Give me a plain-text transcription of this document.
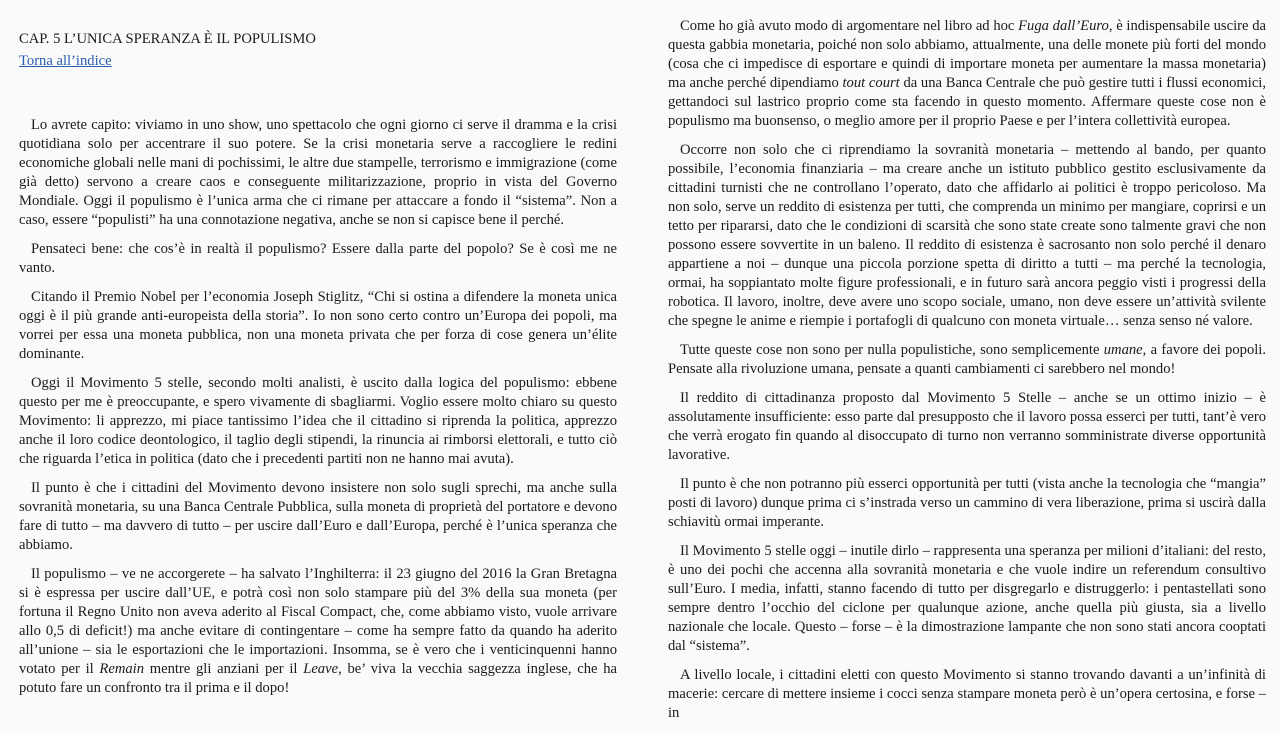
CAP. 5 L’UNICA SPERANZA È IL POPULISMO
Torna all’indice

Lo avrete capito: viviamo in uno show, uno spettacolo che ogni giorno ci serve il dramma e la crisi quotidiana solo per accentrare il suo potere. Se la crisi monetaria serve a raccogliere le redini economiche globali nelle mani di pochissimi, le altre due stampelle, terrorismo e immigrazione (come già detto) servono a creare caos e conseguente militarizzazione, proprio in vista del Governo Mondiale. Oggi il populismo è l’unica arma che ci rimane per attaccare a fondo il “sistema”. Non a caso, essere “populisti” ha una connotazione negativa, anche se non si capisce bene il perché.

Pensateci bene: che cos’è in realtà il populismo? Essere dalla parte del popolo? Se è così me ne vanto.

Citando il Premio Nobel per l’economia Joseph Stiglitz, “Chi si ostina a difendere la moneta unica oggi è il più grande anti-europeista della storia”. Io non sono certo contro un’Europa dei popoli, ma vorrei per essa una moneta pubblica, non una moneta privata che per forza di cose genera un’élite dominante.

Oggi il Movimento 5 stelle, secondo molti analisti, è uscito dalla logica del populismo: ebbene questo per me è preoccupante, e spero vivamente di sbagliarmi. Voglio essere molto chiaro su questo Movimento: li apprezzo, mi piace tantissimo l’idea che il cittadino si riprenda la politica, apprezzo anche il loro codice deontologico, il taglio degli stipendi, la rinuncia ai rimborsi elettorali, e tutto ciò che riguarda l’etica in politica (dato che i precedenti partiti non ne hanno mai avuta).

Il punto è che i cittadini del Movimento devono insistere non solo sugli sprechi, ma anche sulla sovranità monetaria, su una Banca Centrale Pubblica, sulla moneta di proprietà del portatore e devono fare di tutto – ma davvero di tutto – per uscire dall’Euro e dall’Europa, perché è l’unica speranza che abbiamo.

Il populismo – ve ne accorgerete – ha salvato l’Inghilterra: il 23 giugno del 2016 la Gran Bretagna si è espressa per uscire dall’UE, e potrà così non solo stampare più del 3% della sua moneta (per fortuna il Regno Unito non aveva aderito al Fiscal Compact, che, come abbiamo visto, vuole arrivare allo 0,5 di deficit!) ma anche evitare di contingentare – come ha sempre fatto da quando ha aderito all’unione – sia le esportazioni che le importazioni. Insomma, se è vero che i venticinquenni hanno votato per il Remain mentre gli anziani per il Leave, be’ viva la vecchia saggezza inglese, che ha potuto fare un confronto tra il prima e il dopo!

Come ho già avuto modo di argomentare nel libro ad hoc Fuga dall’Euro, è indispensabile uscire da questa gabbia monetaria, poiché non solo abbiamo, attualmente, una delle monete più forti del mondo (cosa che ci impedisce di esportare e quindi di importare moneta per aumentare la massa monetaria) ma anche perché dipendiamo tout court da una Banca Centrale che può gestire tutti i flussi economici, gettandoci sul lastrico proprio come sta facendo in questo momento. Affermare queste cose non è populismo ma buonsenso, o meglio amore per il proprio Paese e per l’intera collettività europea.

Occorre non solo che ci riprendiamo la sovranità monetaria – mettendo al bando, per quanto possibile, l’economia finanziaria – ma creare anche un istituto pubblico gestito esclusivamente da cittadini turnisti che ne controllano l’operato, dato che affidarlo ai politici è troppo pericoloso. Ma non solo, serve un reddito di esistenza per tutti, che comprenda un minimo per mangiare, coprirsi e un tetto per ripararsi, dato che le condizioni di scarsità che sono state create sono talmente gravi che non possono essere sovvertite in un baleno. Il reddito di esistenza è sacrosanto non solo perché il denaro appartiene a noi – dunque una piccola porzione spetta di diritto a tutti – ma perché la tecnologia, ormai, ha soppiantato molte figure professionali, e in futuro sarà ancora peggio visti i progressi della robotica. Il lavoro, inoltre, deve avere uno scopo sociale, umano, non deve essere un’attività svilente che spegne le anime e riempie i portafogli di qualcuno con moneta virtuale… senza senso né valore.

Tutte queste cose non sono per nulla populistiche, sono semplicemente umane, a favore dei popoli. Pensate alla rivoluzione umana, pensate a quanti cambiamenti ci sarebbero nel mondo!

Il reddito di cittadinanza proposto dal Movimento 5 Stelle – anche se un ottimo inizio – è assolutamente insufficiente: esso parte dal presupposto che il lavoro possa esserci per tutti, tant’è vero che verrà erogato fin quando al disoccupato di turno non verranno somministrate diverse opportunità lavorative.

Il punto è che non potranno più esserci opportunità per tutti (vista anche la tecnologia che “mangia” posti di lavoro) dunque prima ci s’instrada verso un cammino di vera liberazione, prima si uscirà dalla schiavitù ormai imperante.

Il Movimento 5 stelle oggi – inutile dirlo – rappresenta una speranza per milioni d’italiani: del resto, è uno dei pochi che accenna alla sovranità monetaria e che vuole indire un referendum consultivo sull’Euro. I media, infatti, stanno facendo di tutto per disgregarlo e distruggerlo: i pentastellati sono sempre dentro l’occhio del ciclone per qualunque azione, anche quella più giusta, sia a livello nazionale che locale. Questo – forse – è la dimostrazione lampante che non sono stati ancora cooptati dal “sistema”.

A livello locale, i cittadini eletti con questo Movimento si stanno trovando davanti a un’infinità di macerie: cercare di mettere insieme i cocci senza stampare moneta però è un’opera certosina, e forse – in
